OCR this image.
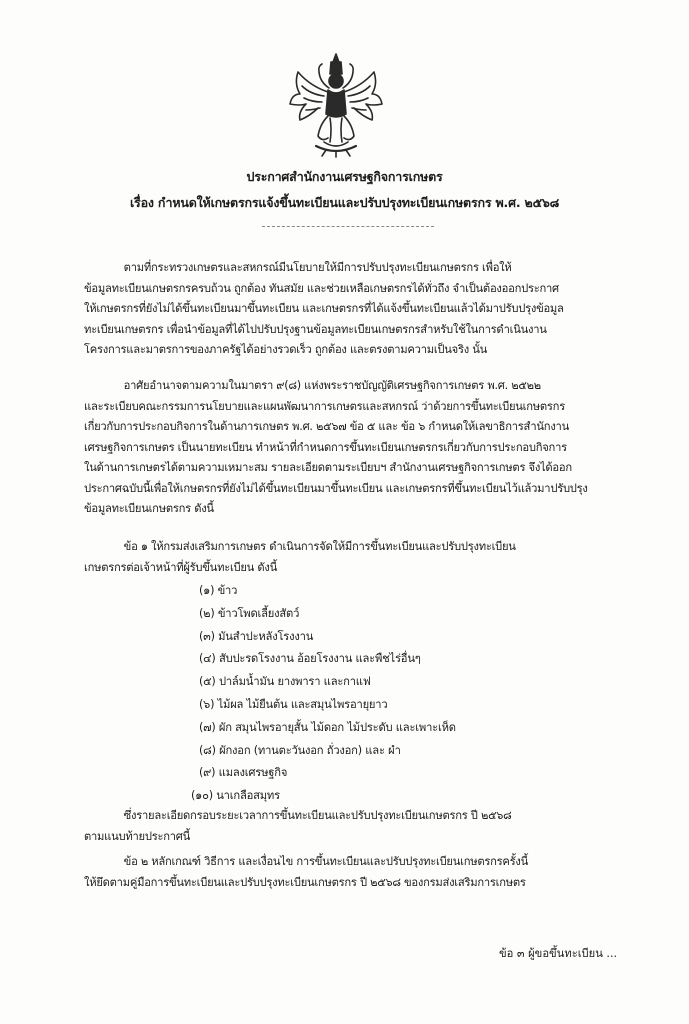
ประกาศสำนักงานเศรษฐกิจการเกษตร
เรื่อง กำหนดให้เกษตรกรแจ้งขึ้นทะเบียนและปรับปรุงทะเบียนเกษตรกร พ.ศ. ๒๕๖๘
ตามที่กระทรวงเกษตรและสหกรณ์มีนโยบายให้มีการปรับปรุงทะเบียนเกษตรกร เพื่อให้
ข้อมูลทะเบียนเกษตรกรครบถ้วน ถูกต้อง ทันสมัย และช่วยเหลือเกษตรกรได้ทั่วถึง จำเป็นต้องออกประกาศ
ให้เกษตรกรที่ยังไม่ได้ขึ้นทะเบียนมาขึ้นทะเบียน และเกษตรกรที่ได้แจ้งขึ้นทะเบียนแล้วได้มาปรับปรุงข้อมูล
ทะเบียนเกษตรกร เพื่อนำข้อมูลที่ได้ไปปรับปรุงฐานข้อมูลทะเบียนเกษตรกรสำหรับใช้ในการดำเนินงาน
โครงการและมาตรการของภาครัฐได้อย่างรวดเร็ว ถูกต้อง และตรงตามความเป็นจริง นั้น
อาศัยอำนาจตามความในมาตรา ๙(๘) แห่งพระราชบัญญัติเศรษฐกิจการเกษตร พ.ศ. ๒๕๒๒
และระเบียบคณะกรรมการนโยบายและแผนพัฒนาการเกษตรและสหกรณ์ ว่าด้วยการขึ้นทะเบียนเกษตรกร
เกี่ยวกับการประกอบกิจการในด้านการเกษตร พ.ศ. ๒๕๖๗ ข้อ ๕ และ ข้อ ๖ กำหนดให้เลขาธิการสำนักงาน
เศรษฐกิจการเกษตร เป็นนายทะเบียน ทำหน้าที่กำหนดการขึ้นทะเบียนเกษตรกรเกี่ยวกับการประกอบกิจการ
ในด้านการเกษตรได้ตามความเหมาะสม รายละเอียดตามระเบียบฯ สำนักงานเศรษฐกิจการเกษตร จึงได้ออก
ประกาศฉบับนี้เพื่อให้เกษตรกรที่ยังไม่ได้ขึ้นทะเบียนมาขึ้นทะเบียน และเกษตรกรที่ขึ้นทะเบียนไว้แล้วมาปรับปรุง
ข้อมูลทะเบียนเกษตรกร ดังนี้
ข้อ ๑ ให้กรมส่งเสริมการเกษตร ดำเนินการจัดให้มีการขึ้นทะเบียนและปรับปรุงทะเบียน
เกษตรกรต่อเจ้าหน้าที่ผู้รับขึ้นทะเบียน ดังนี้
(๑) ข้าว
(๒) ข้าวโพดเลี้ยงสัตว์
(๓) มันสำปะหลังโรงงาน
(๔) สับปะรดโรงงาน อ้อยโรงงาน และพืชไร่อื่นๆ
(๕) ปาล์มน้ำมัน ยางพารา และกาแฟ
(๖) ไม้ผล ไม้ยืนต้น และสมุนไพรอายุยาว
(๗) ผัก สมุนไพรอายุสั้น ไม้ดอก ไม้ประดับ และเพาะเห็ด
(๘) ผักงอก (ทานตะวันงอก ถั่วงอก) และ ผำ
(๙) แมลงเศรษฐกิจ
(๑๐) นาเกลือสมุทร
ซึ่งรายละเอียดกรอบระยะเวลาการขึ้นทะเบียนและปรับปรุงทะเบียนเกษตรกร ปี ๒๕๖๘
ตามแนบท้ายประกาศนี้
ข้อ ๒ หลักเกณฑ์ วิธีการ และเงื่อนไข การขึ้นทะเบียนและปรับปรุงทะเบียนเกษตรกรครั้งนี้
ให้ยึดตามคู่มือการขึ้นทะเบียนและปรับปรุงทะเบียนเกษตรกร ปี ๒๕๖๘ ของกรมส่งเสริมการเกษตร
ข้อ ๓ ผู้ขอขึ้นทะเบียน ...
